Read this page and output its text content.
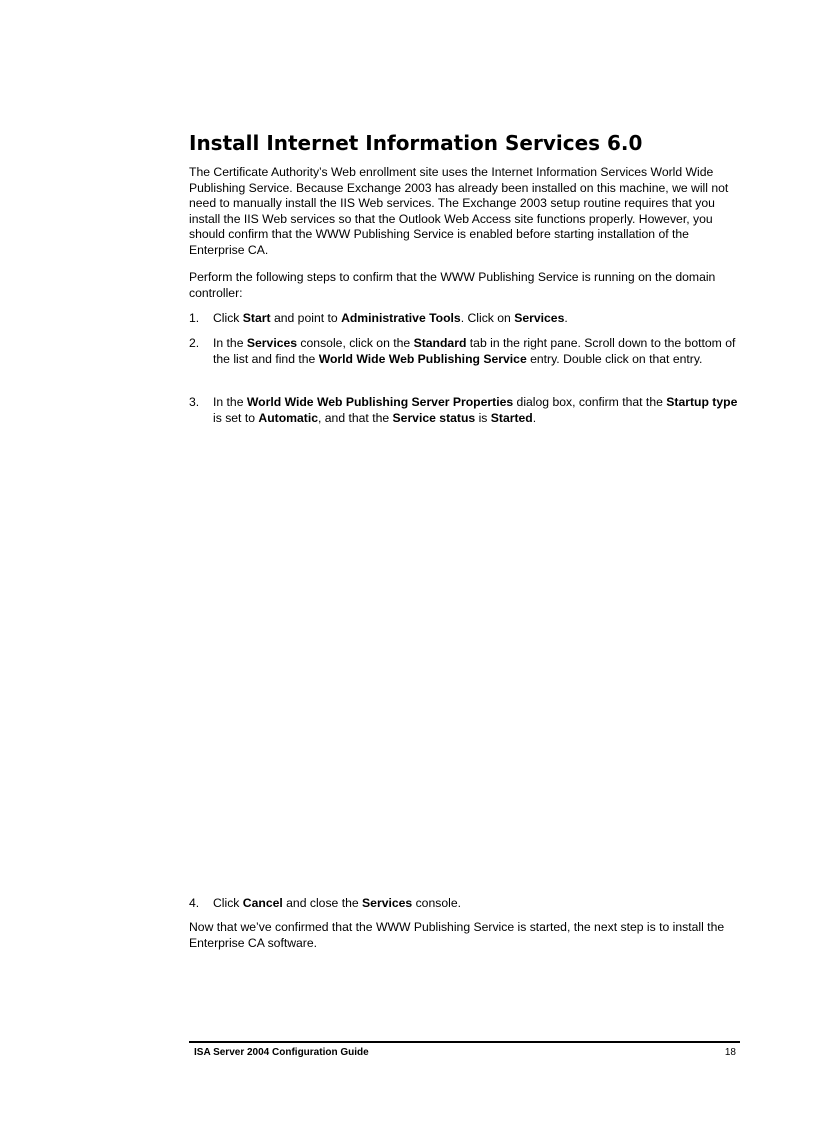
Install Internet Information Services 6.0

The Certificate Authority’s Web enrollment site uses the Internet Information Services World Wide Publishing Service. Because Exchange 2003 has already been installed on this machine, we will not need to manually install the IIS Web services. The Exchange 2003 setup routine requires that you install the IIS Web services so that the Outlook Web Access site functions properly. However, you should confirm that the WWW Publishing Service is enabled before starting installation of the Enterprise CA.

Perform the following steps to confirm that the WWW Publishing Service is running on the domain controller:

1. Click Start and point to Administrative Tools. Click on Services.
2. In the Services console, click on the Standard tab in the right pane. Scroll down to the bottom of the list and find the World Wide Web Publishing Service entry. Double click on that entry.
3. In the World Wide Web Publishing Server Properties dialog box, confirm that the Startup type is set to Automatic, and that the Service status is Started.
4. Click Cancel and close the Services console.

Now that we’ve confirmed that the WWW Publishing Service is started, the next step is to install the Enterprise CA software.

ISA Server 2004 Configuration Guide	18
